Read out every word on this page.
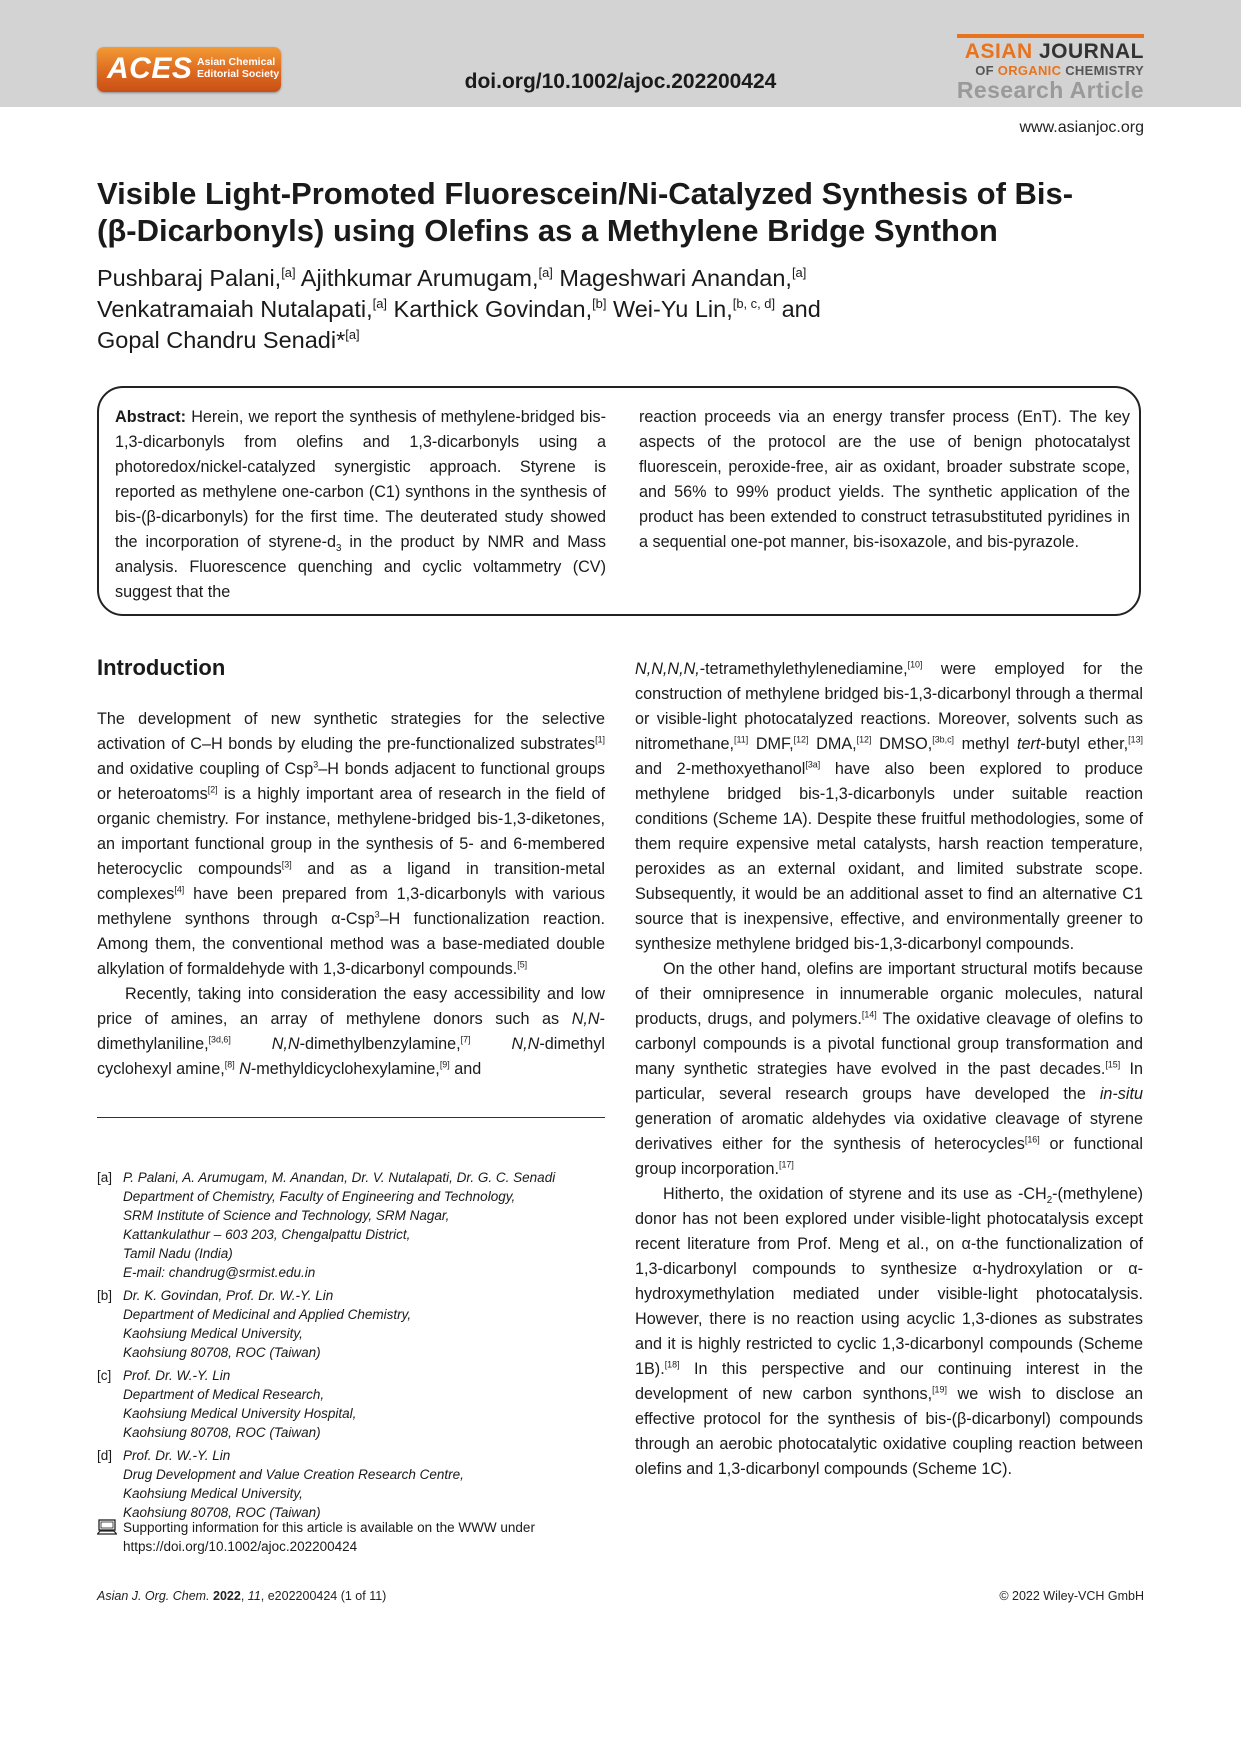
ACES Asian Chemical
Editorial Society	doi.org/10.1002/ajoc.202200424
ASIAN JOURNAL
OF ORGANIC CHEMISTRY
Research Article
www.asianjoc.org
Visible Light-Promoted Fluorescein/Ni-Catalyzed Synthesis of Bis-
(β-Dicarbonyls) using Olefins as a Methylene Bridge Synthon
Pushbaraj Palani,[a] Ajithkumar Arumugam,[a] Mageshwari Anandan,[a]
Venkatramaiah Nutalapati,[a] Karthick Govindan,[b] Wei-Yu Lin,[b, c, d] and
Gopal Chandru Senadi*[a]
Abstract: Herein, we report the synthesis of methylene-bridged bis-1,3-dicarbonyls from olefins and 1,3-dicarbonyls using a photoredox/nickel-catalyzed synergistic approach. Styrene is reported as methylene one-carbon (C1) synthons in the synthesis of bis-(β-dicarbonyls) for the first time. The deuterated study showed the incorporation of styrene-$d_3$ in the product by NMR and Mass analysis. Fluorescence quenching and cyclic voltammetry (CV) suggest that the
reaction proceeds via an energy transfer process (EnT). The key aspects of the protocol are the use of benign photocatalyst fluorescein, peroxide-free, air as oxidant, broader substrate scope, and 56% to 99% product yields. The synthetic application of the product has been extended to construct tetrasubstituted pyridines in a sequential one-pot manner, bis-isoxazole, and bis-pyrazole.
Introduction

The development of new synthetic strategies for the selective activation of C–H bonds by eluding the pre-functionalized substrates[1] and oxidative coupling of Csp$^3$–H bonds adjacent to functional groups or heteroatoms[2] is a highly important area of research in the field of organic chemistry. For instance, methylene-bridged bis-1,3-diketones, an important functional group in the synthesis of 5- and 6-membered heterocyclic compounds[3] and as a ligand in transition-metal complexes[4] have been prepared from 1,3-dicarbonyls with various methylene synthons through α-Csp$^3$–H functionalization reaction. Among them, the conventional method was a base-mediated double alkylation of formaldehyde with 1,3-dicarbonyl compounds.[5]

Recently, taking into consideration the easy accessibility and low price of amines, an array of methylene donors such as N,N-dimethylaniline,[3d,6]	N,N-dimethylbenzylamine,[7]	N,N-dimethyl cyclohexyl amine,[8] N-methyldicyclohexylamine,[9] and

N,N,N,N,-tetramethylethylenediamine,[10] were employed for the construction of methylene bridged bis-1,3-dicarbonyl through a thermal or visible-light photocatalyzed reactions. Moreover, solvents such as nitromethane,[11] DMF,[12] DMA,[12] DMSO,[3b,c] methyl tert-butyl ether,[13] and 2-methoxyethanol[3a] have also been explored to produce methylene bridged bis-1,3-dicarbonyls under suitable reaction conditions (Scheme 1A). Despite these fruitful methodologies, some of them require expensive metal catalysts, harsh reaction temperature, peroxides as an external oxidant, and limited substrate scope. Subsequently, it would be an additional asset to find an alternative C1 source that is inexpensive, effective, and environmentally greener to synthesize methylene bridged bis-1,3-dicarbonyl compounds.

On the other hand, olefins are important structural motifs because of their omnipresence in innumerable organic molecules, natural products, drugs, and polymers.[14] The oxidative cleavage of olefins to carbonyl compounds is a pivotal functional group transformation and many synthetic strategies have evolved in the past decades.[15] In particular, several research groups have developed the in-situ generation of aromatic aldehydes via oxidative cleavage of styrene derivatives either for the synthesis of heterocycles[16] or functional group incorporation.[17]

Hitherto, the oxidation of styrene and its use as $-CH_2-(methylene)$ donor has not been explored under visible-light photocatalysis except recent literature from Prof. Meng et al., on α-the functionalization of 1,3-dicarbonyl compounds to synthesize α-hydroxylation or α-hydroxymethylation mediated under visible-light photocatalysis. However, there is no reaction using acyclic 1,3-diones as substrates and it is highly restricted to cyclic 1,3-dicarbonyl compounds (Scheme 1B).[18] In this perspective and our continuing interest in the development of new carbon synthons,[19] we wish to disclose an effective protocol for the synthesis of bis-(β-dicarbonyl) compounds through an aerobic photocatalytic oxidative coupling reaction between olefins and 1,3-dicarbonyl compounds (Scheme 1C).

[a] P. Palani, A. Arumugam, M. Anandan, Dr. V. Nutalapati, Dr. G. C. Senadi
Department of Chemistry, Faculty of Engineering and Technology,
SRM Institute of Science and Technology, SRM Nagar,
Kattankulathur – 603 203, Chengalpattu District,
Tamil Nadu (India)
E-mail: chandrug@srmist.edu.in
[b] Dr. K. Govindan, Prof. Dr. W.-Y. Lin
Department of Medicinal and Applied Chemistry,
Kaohsiung Medical University,
Kaohsiung 80708, ROC (Taiwan)
[c] Prof. Dr. W.-Y. Lin
Department of Medical Research,
Kaohsiung Medical University Hospital,
Kaohsiung 80708, ROC (Taiwan)
[d] Prof. Dr. W.-Y. Lin
Drug Development and Value Creation Research Centre,
Kaohsiung Medical University,
Kaohsiung 80708, ROC (Taiwan)
Supporting information for this article is available on the WWW under https://doi.org/10.1002/ajoc.202200424
Asian J. Org. Chem. 2022, 11, e202200424 (1 of 11)	© 2022 Wiley-VCH GmbH
